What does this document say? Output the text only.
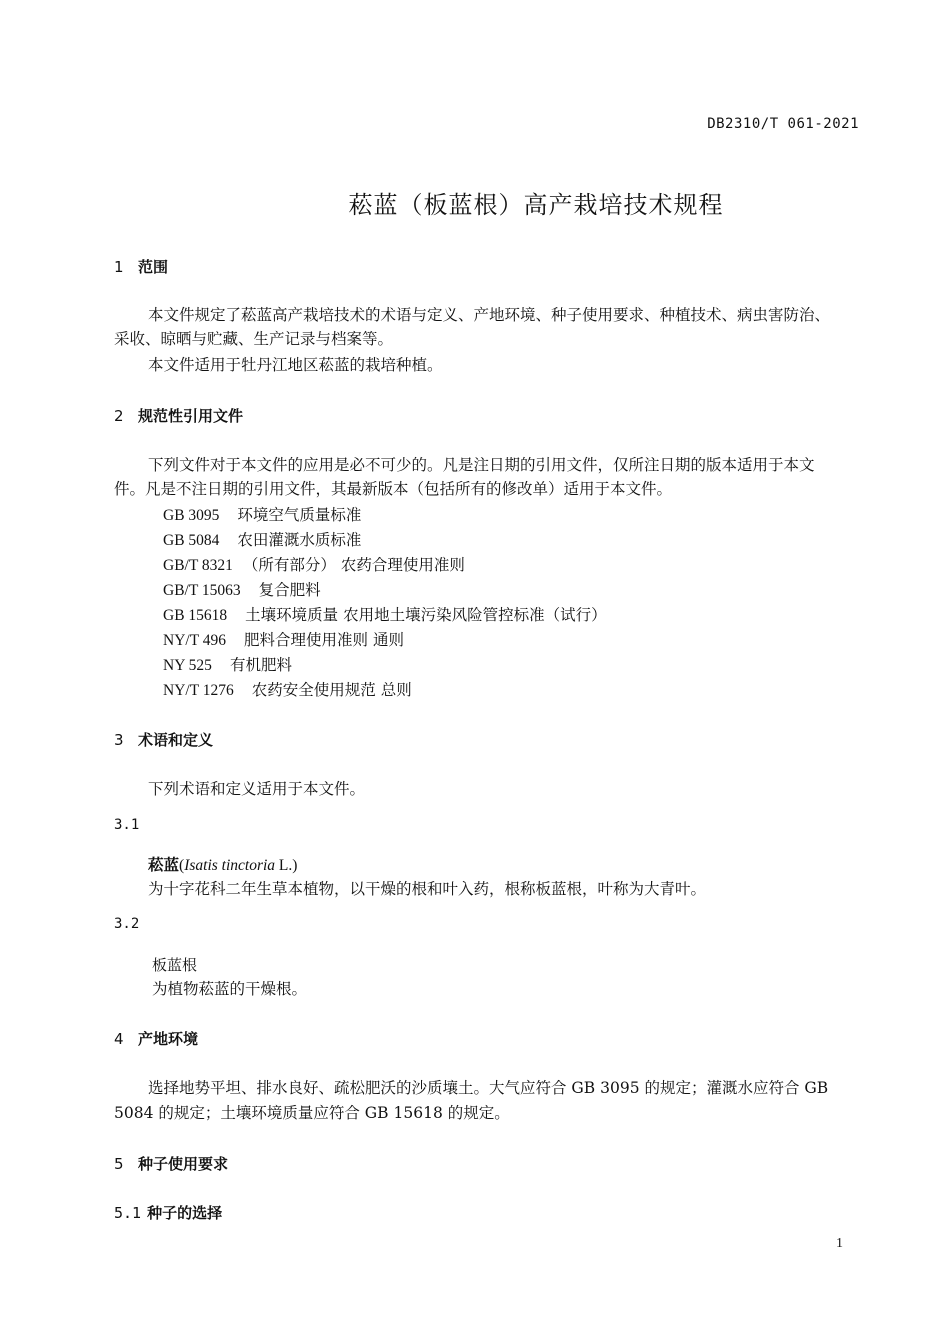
DB2310/T 061-2021
菘蓝（板蓝根）高产栽培技术规程
1 范围
本文件规定了菘蓝高产栽培技术的术语与定义、产地环境、种子使用要求、种植技术、病虫害防治、
采收、晾晒与贮藏、生产记录与档案等。
本文件适用于牡丹江地区菘蓝的栽培种植。
2 规范性引用文件
下列文件对于本文件的应用是必不可少的。凡是注日期的引用文件，仅所注日期的版本适用于本文
件。凡是不注日期的引用文件，其最新版本（包括所有的修改单）适用于本文件。
GB 3095 环境空气质量标准
GB 5084 农田灌溉水质标准
GB/T 8321 （所有部分） 农药合理使用准则
GB/T 15063 复合肥料
GB 15618 土壤环境质量 农用地土壤污染风险管控标准（试行）
NY/T 496 肥料合理使用准则 通则
NY 525 有机肥料
NY/T 1276 农药安全使用规范 总则
3 术语和定义
下列术语和定义适用于本文件。
3.1
菘蓝(Isatis tinctoria L.)
为十字花科二年生草本植物，以干燥的根和叶入药，根称板蓝根，叶称为大青叶。
3.2
板蓝根
为植物菘蓝的干燥根。
4 产地环境
选择地势平坦、排水良好、疏松肥沃的沙质壤土。大气应符合 GB 3095 的规定；灌溉水应符合 GB
5084 的规定；土壤环境质量应符合 GB 15618 的规定。
5 种子使用要求
5.1 种子的选择
1
